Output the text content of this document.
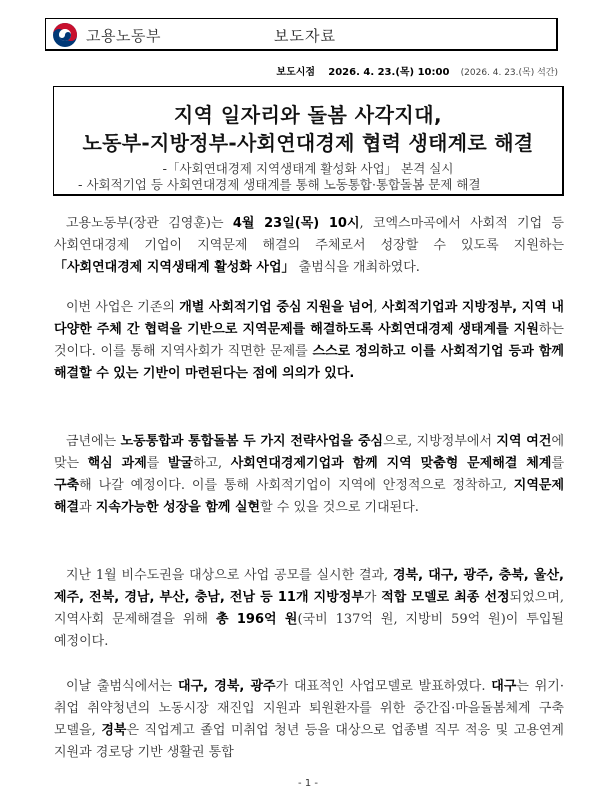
고용노동부	보도자료
보도시점 2026. 4. 23.(목) 10:00 (2026. 4. 23.(목) 석간)
지역 일자리와 돌봄 사각지대,
노동부-지방정부-사회연대경제 협력 생태계로 해결
-「사회연대경제 지역생태계 활성화 사업」 본격 실시
- 사회적기업 등 사회연대경제 생태계를 통해 노동통합·통합돌봄 문제 해결
고용노동부(장관 김영훈)는 4월 23일(목) 10시, 코엑스마곡에서 사회적 기업 등 사회연대경제 기업이 지역문제 해결의 주체로서 성장할 수 있도록 지원하는 「사회연대경제 지역생태계 활성화 사업」 출범식을 개최하였다.
이번 사업은 기존의 개별 사회적기업 중심 지원을 넘어, 사회적기업과 지방정부, 지역 내 다양한 주체 간 협력을 기반으로 지역문제를 해결하도록 사회연대경제 생태계를 지원하는 것이다. 이를 통해 지역사회가 직면한 문제를 스스로 정의하고 이를 사회적기업 등과 함께 해결할 수 있는 기반이 마련된다는 점에 의의가 있다.
금년에는 노동통합과 통합돌봄 두 가지 전략사업을 중심으로, 지방정부에서 지역 여건에 맞는 핵심 과제를 발굴하고, 사회연대경제기업과 함께 지역 맞춤형 문제해결 체계를 구축해 나갈 예정이다. 이를 통해 사회적기업이 지역에 안정적으로 정착하고, 지역문제 해결과 지속가능한 성장을 함께 실현할 수 있을 것으로 기대된다.
지난 1월 비수도권을 대상으로 사업 공모를 실시한 결과, 경북, 대구, 광주, 충북, 울산, 제주, 전북, 경남, 부산, 충남, 전남 등 11개 지방정부가 적합 모델로 최종 선정되었으며, 지역사회 문제해결을 위해 총 196억 원(국비 137억 원, 지방비 59억 원)이 투입될 예정이다.
이날 출범식에서는 대구, 경북, 광주가 대표적인 사업모델로 발표하였다. 대구는 위기·취업 취약청년의 노동시장 재진입 지원과 퇴원환자를 위한 중간집·마을돌봄체계 구축 모델을, 경북은 직업계고 졸업 미취업 청년 등을 대상으로 업종별 직무 적응 및 고용연계 지원과 경로당 기반 생활권 통합
- 1 -
